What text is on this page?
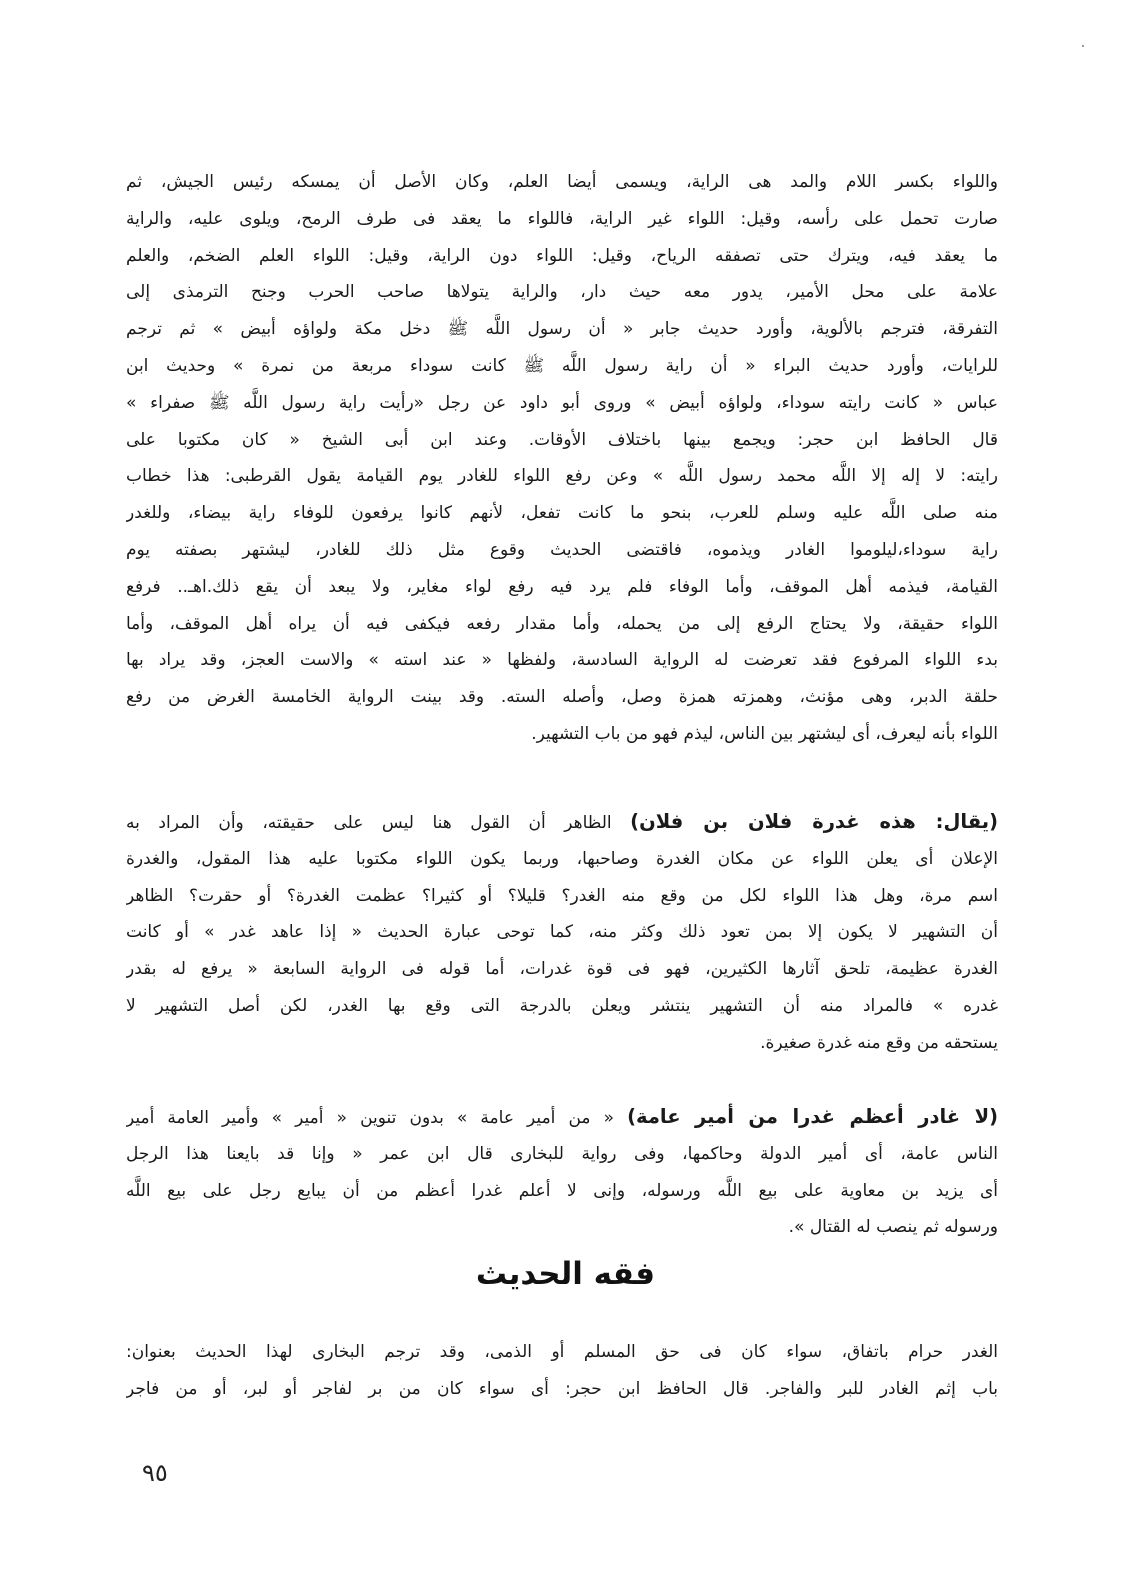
واللواء بكسر اللام والمد هى الراية، ويسمى أيضا العلم، وكان الأصل أن يمسكه رئيس الجيش، ثم
صارت تحمل على رأسه، وقيل: اللواء غير الراية، فاللواء ما يعقد فى طرف الرمح، ويلوى عليه، والراية
ما يعقد فيه، ويترك حتى تصفقه الرياح، وقيل: اللواء دون الراية، وقيل: اللواء العلم الضخم، والعلم
علامة على محل الأمير، يدور معه حيث دار، والراية يتولاها صاحب الحرب وجنح الترمذى إلى
التفرقة، فترجم بالألوية، وأورد حديث جابر « أن رسول اللَّه ﷺ دخل مكة ولواؤه أبيض » ثم ترجم
للرايات، وأورد حديث البراء « أن راية رسول اللَّه ﷺ كانت سوداء مربعة من نمرة » وحديث ابن
عباس « كانت رايته سوداء، ولواؤه أبيض » وروى أبو داود عن رجل «رأيت راية رسول اللَّه ﷺ صفراء »
قال الحافظ ابن حجر: ويجمع بينها باختلاف الأوقات. وعند ابن أبى الشيخ « كان مكتوبا على
رايته: لا إله إلا اللَّه محمد رسول اللَّه » وعن رفع اللواء للغادر يوم القيامة يقول القرطبى: هذا خطاب
منه صلى اللَّه عليه وسلم للعرب، بنحو ما كانت تفعل، لأنهم كانوا يرفعون للوفاء راية بيضاء، وللغدر
راية سوداء،ليلوموا الغادر ويذموه، فاقتضى الحديث وقوع مثل ذلك للغادر، ليشتهر بصفته يوم
القيامة، فيذمه أهل الموقف، وأما الوفاء فلم يرد فيه رفع لواء مغاير، ولا يبعد أن يقع ذلك.اهـ.. فرفع
اللواء حقيقة، ولا يحتاج الرفع إلى من يحمله، وأما مقدار رفعه فيكفى فيه أن يراه أهل الموقف، وأما
بدء اللواء المرفوع فقد تعرضت له الرواية السادسة، ولفظها « عند استه » والاست العجز، وقد يراد بها
حلقة الدبر، وهى مؤنث، وهمزته همزة وصل، وأصله السته. وقد بينت الرواية الخامسة الغرض من رفع
اللواء بأنه ليعرف، أى ليشتهر بين الناس، ليذم فهو من باب التشهير.
(يقال: هذه غدرة فلان بن فلان) الظاهر أن القول هنا ليس على حقيقته، وأن المراد به
الإعلان أى يعلن اللواء عن مكان الغدرة وصاحبها، وربما يكون اللواء مكتوبا عليه هذا المقول، والغدرة
اسم مرة، وهل هذا اللواء لكل من وقع منه الغدر؟ قليلا؟ أو كثيرا؟ عظمت الغدرة؟ أو حقرت؟ الظاهر
أن التشهير لا يكون إلا بمن تعود ذلك وكثر منه، كما توحى عبارة الحديث « إذا عاهد غدر » أو كانت
الغدرة عظيمة، تلحق آثارها الكثيرين، فهو فى قوة غدرات، أما قوله فى الرواية السابعة « يرفع له بقدر
غدره » فالمراد منه أن التشهير ينتشر ويعلن بالدرجة التى وقع بها الغدر، لكن أصل التشهير لا
يستحقه من وقع منه غدرة صغيرة.
(لا غادر أعظم غدرا من أمير عامة) « من أمير عامة » بدون تنوين « أمير » وأمير العامة أمير
الناس عامة، أى أمير الدولة وحاكمها، وفى رواية للبخارى قال ابن عمر « وإنا قد بايعنا هذا الرجل
أى يزيد بن معاوية على بيع اللَّه ورسوله، وإنى لا أعلم غدرا أعظم من أن يبايع رجل على بيع اللَّه
ورسوله ثم ينصب له القتال ».
فقه الحديث
الغدر حرام باتفاق، سواء كان فى حق المسلم أو الذمى، وقد ترجم البخارى لهذا الحديث بعنوان:
باب إثم الغادر للبر والفاجر. قال الحافظ ابن حجر: أى سواء كان من بر لفاجر أو لبر، أو من فاجر
٩٥
